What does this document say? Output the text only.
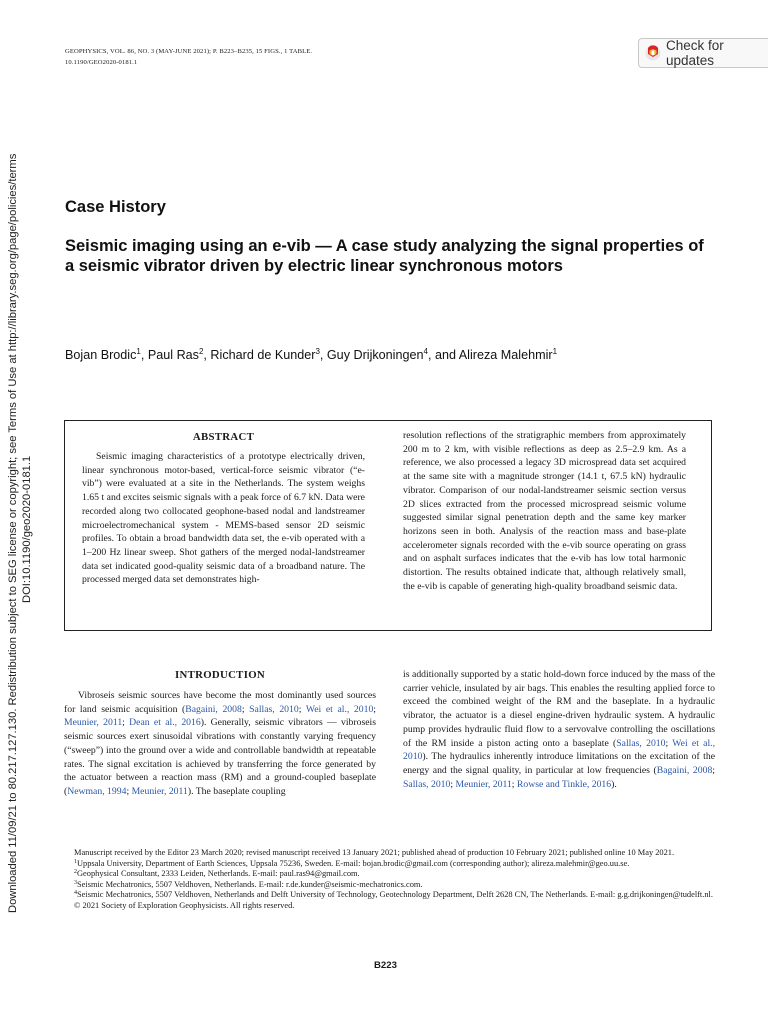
GEOPHYSICS, VOL. 86, NO. 3 (MAY-JUNE 2021); P. B223–B235, 15 FIGS., 1 TABLE.
10.1190/GEO2020-0181.1
Check for updates
Downloaded 11/09/21 to 80.217.127.130. Redistribution subject to SEG license or copyright; see Terms of Use at http://library.seg.org/page/policies/terms DOI:10.1190/geo2020-0181.1
Case History
Seismic imaging using an e-vib — A case study analyzing the signal properties of a seismic vibrator driven by electric linear synchronous motors
Bojan Brodic$^1$, Paul Ras$^2$, Richard de Kunder$^3$, Guy Drijkoningen$^4$, and Alireza Malehmir$^1$
ABSTRACT

Seismic imaging characteristics of a prototype electrically driven, linear synchronous motor-based, vertical-force seismic vibrator (“e-vib”) were evaluated at a site in the Netherlands. The system weighs 1.65 t and excites seismic signals with a peak force of 6.7 kN. Data were recorded along two collocated geophone-based nodal and landstreamer microelectromechanical system - MEMS-based sensor 2D seismic profiles. To obtain a broad bandwidth data set, the e-vib operated with a 1–200 Hz linear sweep. Shot gathers of the merged nodal-landstreamer data set indicated good-quality seismic data of a broadband nature. The processed merged data set demonstrates high-

resolution reflections of the stratigraphic members from approximately 200 m to 2 km, with visible reflections as deep as 2.5–2.9 km. As a reference, we also processed a legacy 3D microspread data set acquired at the same site with a magnitude stronger (14.1 t, 67.5 kN) hydraulic vibrator. Comparison of our nodal-landstreamer seismic section versus 2D slices extracted from the processed microspread seismic volume suggested similar signal penetration depth and the same key marker horizons seen in both. Analysis of the reaction mass and base-plate accelerometer signals recorded with the e-vib source operating on grass and on asphalt surfaces indicates that the e-vib has low total harmonic distortion. The results obtained indicate that, although relatively small, the e-vib is capable of generating high-quality broadband seismic data.

INTRODUCTION

Vibroseis seismic sources have become the most dominantly used sources for land seismic acquisition (Bagaini, 2008; Sallas, 2010; Wei et al., 2010; Meunier, 2011; Dean et al., 2016). Generally, seismic vibrators — vibroseis seismic sources exert sinusoidal vibrations with constantly varying frequency (“sweep”) into the ground over a wide and controllable bandwidth at repeatable rates. The signal excitation is achieved by transferring the force generated by the actuator between a reaction mass (RM) and a ground-coupled baseplate (Newman, 1994; Meunier, 2011). The baseplate coupling

is additionally supported by a static hold-down force induced by the mass of the carrier vehicle, insulated by air bags. This enables the resulting applied force to exceed the combined weight of the RM and the baseplate. In a hydraulic vibrator, the actuator is a diesel engine-driven hydraulic system. A hydraulic pump provides hydraulic fluid flow to a servovalve controlling the oscillations of the RM inside a piston acting onto a baseplate (Sallas, 2010; Wei et al., 2010). The hydraulics inherently introduce limitations on the excitation of the energy and the signal quality, in particular at low frequencies (Bagaini, 2008; Sallas, 2010; Meunier, 2011; Rowse and Tinkle, 2016).

Manuscript received by the Editor 23 March 2020; revised manuscript received 13 January 2021; published ahead of production 10 February 2021; published online 10 May 2021.

$^1$Uppsala University, Department of Earth Sciences, Uppsala 75236, Sweden. E-mail: bojan.brodic@gmail.com (corresponding author); alireza.malehmir@geo.uu.se.

$^2$Geophysical Consultant, 2333 Leiden, Netherlands. E-mail: paul.ras94@gmail.com.

$^3$Seismic Mechatronics, 5507 Veldhoven, Netherlands. E-mail: r.de.kunder@seismic-mechatronics.com.

$^4$Seismic Mechatronics, 5507 Veldhoven, Netherlands and Delft University of Technology, Geotechnology Department, Delft 2628 CN, The Netherlands. E-mail: g.g.drijkoningen@tudelft.nl.

© 2021 Society of Exploration Geophysicists. All rights reserved.

B223
